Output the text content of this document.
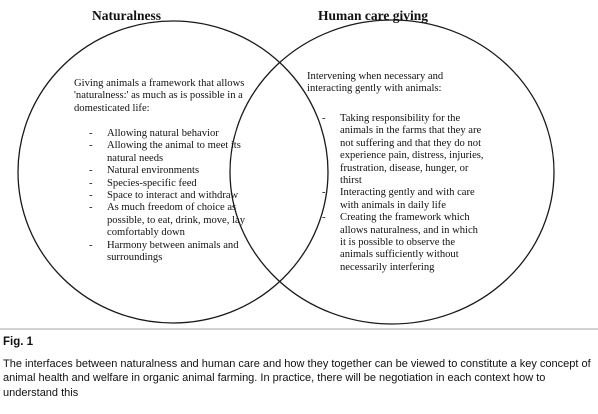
Naturalness	Human care giving

Giving animals a framework that allows 'naturalness:' as much as is possible in a domesticated life:

- Allowing natural behavior
- Allowing the animal to meet its natural needs
- Natural environments
- Species-specific feed
- Space to interact and withdraw
- As much freedom of choice as possible, to eat, drink, move, lay comfortably down
- Harmony between animals and surroundings

Intervening when necessary and interacting gently with animals:

- Taking responsibility for the animals in the farms that they are not suffering and that they do not experience pain, distress, injuries, frustration, disease, hunger, or thirst
- Interacting gently and with care with animals in daily life
- Creating the framework which allows naturalness, and in which it is possible to observe the animals sufficiently without necessarily interfering

Fig. 1

The interfaces between naturalness and human care and how they together can be viewed to constitute a key concept of animal health and welfare in organic animal farming. In practice, there will be negotiation in each context how to understand this
